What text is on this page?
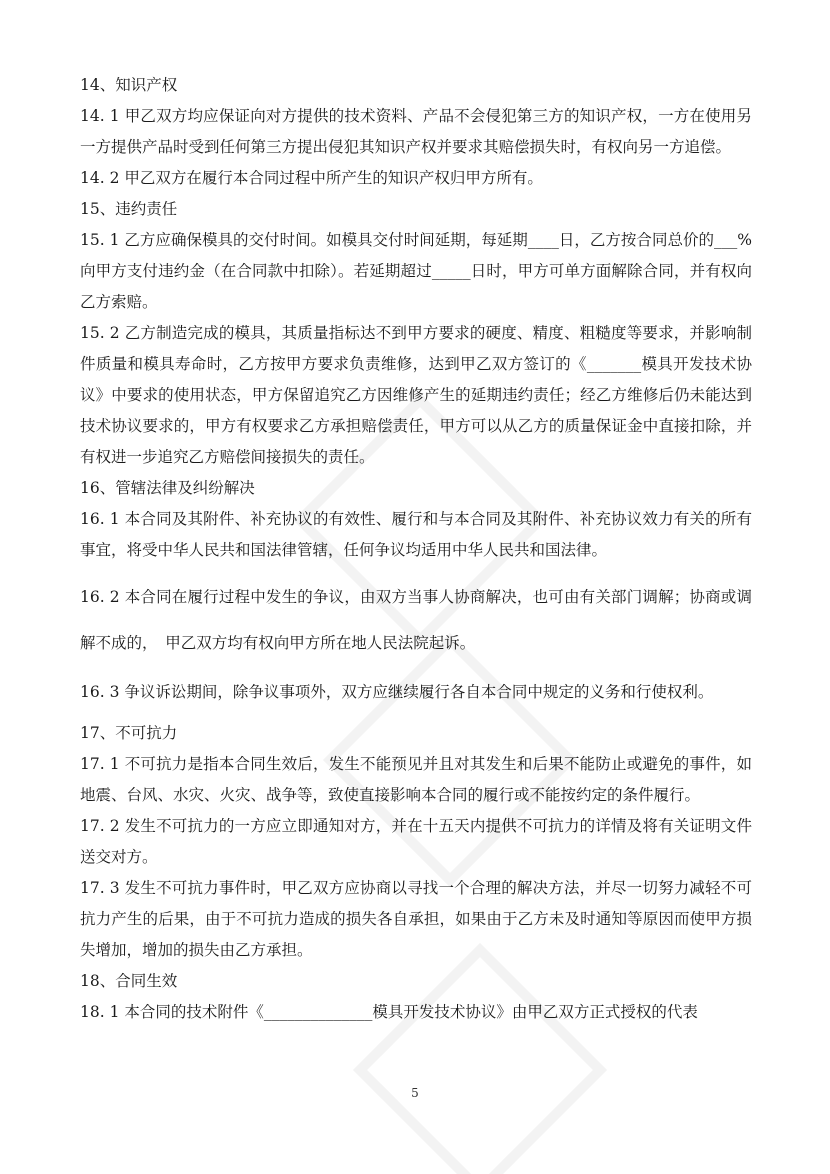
14、知识产权
14. 1 甲乙双方均应保证向对方提供的技术资料、产品不会侵犯第三方的知识产权，一方在使用另一方提供产品时受到任何第三方提出侵犯其知识产权并要求其赔偿损失时，有权向另一方追偿。
14. 2 甲乙双方在履行本合同过程中所产生的知识产权归甲方所有。
15、违约责任
15. 1 乙方应确保模具的交付时间。如模具交付时间延期，每延期____日，乙方按合同总价的___%向甲方支付违约金（在合同款中扣除）。若延期超过_____日时，甲方可单方面解除合同，并有权向乙方索赔。
15. 2 乙方制造完成的模具，其质量指标达不到甲方要求的硬度、精度、粗糙度等要求，并影响制件质量和模具寿命时，乙方按甲方要求负责维修，达到甲乙双方签订的《_______模具开发技术协议》中要求的使用状态，甲方保留追究乙方因维修产生的延期违约责任；经乙方维修后仍未能达到技术协议要求的，甲方有权要求乙方承担赔偿责任，甲方可以从乙方的质量保证金中直接扣除，并有权进一步追究乙方赔偿间接损失的责任。
16、管辖法律及纠纷解决
16. 1 本合同及其附件、补充协议的有效性、履行和与本合同及其附件、补充协议效力有关的所有事宜，将受中华人民共和国法律管辖，任何争议均适用中华人民共和国法律。
16. 2 本合同在履行过程中发生的争议，由双方当事人协商解决，也可由有关部门调解；协商或调解不成的，　甲乙双方均有权向甲方所在地人民法院起诉。
16. 3 争议诉讼期间，除争议事项外，双方应继续履行各自本合同中规定的义务和行使权利。
17、不可抗力
17. 1 不可抗力是指本合同生效后，发生不能预见并且对其发生和后果不能防止或避免的事件，如地震、台风、水灾、火灾、战争等，致使直接影响本合同的履行或不能按约定的条件履行。
17. 2 发生不可抗力的一方应立即通知对方，并在十五天内提供不可抗力的详情及将有关证明文件送交对方。
17. 3 发生不可抗力事件时，甲乙双方应协商以寻找一个合理的解决方法，并尽一切努力减轻不可抗力产生的后果，由于不可抗力造成的损失各自承担，如果由于乙方未及时通知等原因而使甲方损失增加，增加的损失由乙方承担。
18、合同生效
18. 1 本合同的技术附件《______________模具开发技术协议》由甲乙双方正式授权的代表
5
